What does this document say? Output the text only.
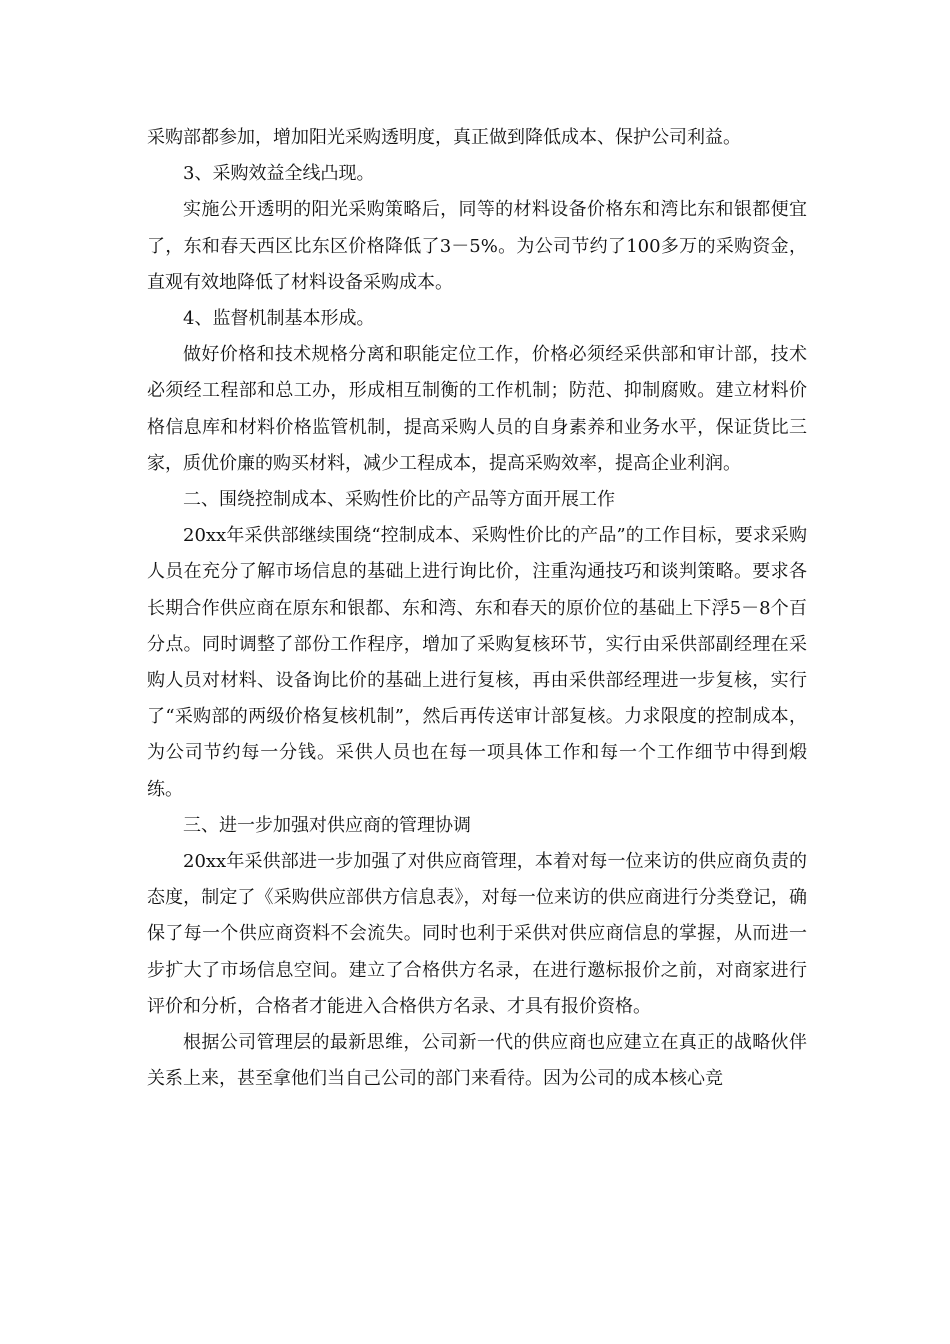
采购部都参加，增加阳光采购透明度，真正做到降低成本、保护公司利益。

3、采购效益全线凸现。

实施公开透明的阳光采购策略后，同等的材料设备价格东和湾比东和银都便宜了，东和春天西区比东区价格降低了3－5%。为公司节约了100多万的采购资金，直观有效地降低了材料设备采购成本。

4、监督机制基本形成。

做好价格和技术规格分离和职能定位工作，价格必须经采供部和审计部，技术必须经工程部和总工办，形成相互制衡的工作机制；防范、抑制腐败。建立材料价格信息库和材料价格监管机制，提高采购人员的自身素养和业务水平，保证货比三家，质优价廉的购买材料，减少工程成本，提高采购效率，提高企业利润。

二、围绕控制成本、采购性价比的产品等方面开展工作

20xx年采供部继续围绕“控制成本、采购性价比的产品”的工作目标，要求采购人员在充分了解市场信息的基础上进行询比价，注重沟通技巧和谈判策略。要求各长期合作供应商在原东和银都、东和湾、东和春天的原价位的基础上下浮5－8个百分点。同时调整了部份工作程序，增加了采购复核环节，实行由采供部副经理在采购人员对材料、设备询比价的基础上进行复核，再由采供部经理进一步复核，实行了“采购部的两级价格复核机制”，然后再传送审计部复核。力求限度的控制成本，为公司节约每一分钱。采供人员也在每一项具体工作和每一个工作细节中得到煅练。

三、进一步加强对供应商的管理协调

20xx年采供部进一步加强了对供应商管理，本着对每一位来访的供应商负责的态度，制定了《采购供应部供方信息表》，对每一位来访的供应商进行分类登记，确保了每一个供应商资料不会流失。同时也利于采供对供应商信息的掌握，从而进一步扩大了市场信息空间。建立了合格供方名录，在进行邀标报价之前，对商家进行评价和分析，合格者才能进入合格供方名录、才具有报价资格。

根据公司管理层的最新思维，公司新一代的供应商也应建立在真正的战略伙伴关系上来，甚至拿他们当自己公司的部门来看待。因为公司的成本核心竞
